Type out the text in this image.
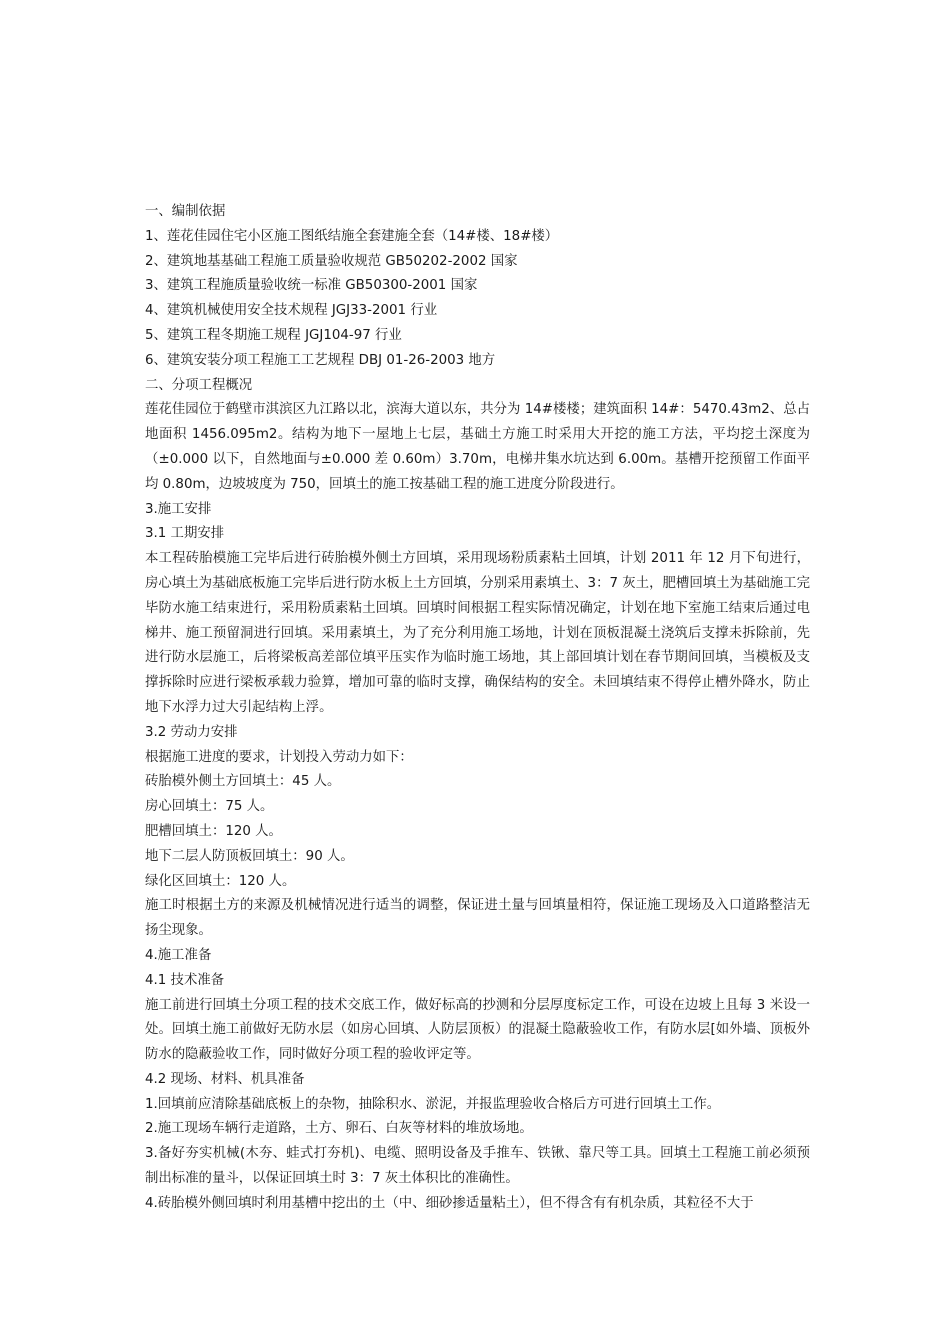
一、编制依据

1、莲花佳园住宅小区施工图纸结施全套建施全套（14#楼、18#楼）

2、建筑地基基础工程施工质量验收规范 GB50202-2002 国家

3、建筑工程施质量验收统一标准 GB50300-2001 国家

4、建筑机械使用安全技术规程 JGJ33-2001 行业

5、建筑工程冬期施工规程 JGJ104-97 行业

6、建筑安装分项工程施工工艺规程 DBJ 01-26-2003 地方

二、分项工程概况

莲花佳园位于鹤壁市淇滨区九江路以北，滨海大道以东，共分为 14#楼楼；建筑面积 14#：5470.43m2、总占地面积 1456.095m2。结构为地下一屋地上七层，基础土方施工时采用大开挖的施工方法，平均挖土深度为（±0.000 以下，自然地面与±0.000 差 0.60m）3.70m，电梯井集水坑达到 6.00m。基槽开挖预留工作面平均 0.80m，边坡坡度为 750，回填土的施工按基础工程的施工进度分阶段进行。

3.施工安排

3.1 工期安排

本工程砖胎模施工完毕后进行砖胎模外侧土方回填，采用现场粉质素粘土回填，计划 2011 年 12 月下旬进行，房心填土为基础底板施工完毕后进行防水板上土方回填，分别采用素填土、3：7 灰土，肥槽回填土为基础施工完毕防水施工结束进行，采用粉质素粘土回填。回填时间根据工程实际情况确定，计划在地下室施工结束后通过电梯井、施工预留洞进行回填。采用素填土，为了充分利用施工场地，计划在顶板混凝土浇筑后支撑未拆除前，先进行防水层施工，后将梁板高差部位填平压实作为临时施工场地，其上部回填计划在春节期间回填，当模板及支撑拆除时应进行梁板承载力验算，增加可靠的临时支撑，确保结构的安全。未回填结束不得停止槽外降水，防止地下水浮力过大引起结构上浮。

3.2 劳动力安排

根据施工进度的要求，计划投入劳动力如下：

砖胎模外侧土方回填土：45 人。

房心回填土：75 人。

肥槽回填土：120 人。

地下二层人防顶板回填土：90 人。

绿化区回填土：120 人。

施工时根据土方的来源及机械情况进行适当的调整，保证进土量与回填量相符，保证施工现场及入口道路整洁无扬尘现象。

4.施工准备

4.1 技术准备

施工前进行回填土分项工程的技术交底工作，做好标高的抄测和分层厚度标定工作，可设在边坡上且每 3 米设一处。回填土施工前做好无防水层（如房心回填、人防层顶板）的混凝土隐蔽验收工作，有防水层[如外墙、顶板外防水的隐蔽验收工作，同时做好分项工程的验收评定等。

4.2 现场、材料、机具准备

1.回填前应清除基础底板上的杂物，抽除积水、淤泥，并报监理验收合格后方可进行回填土工作。

2.施工现场车辆行走道路，土方、卵石、白灰等材料的堆放场地。

3.备好夯实机械(木夯、蛙式打夯机)、电缆、照明设备及手推车、铁锹、靠尺等工具。回填土工程施工前必须预制出标准的量斗，以保证回填土时 3：7 灰土体积比的准确性。

4.砖胎模外侧回填时利用基槽中挖出的土（中、细砂掺适量粘土），但不得含有有机杂质，其粒径不大于
